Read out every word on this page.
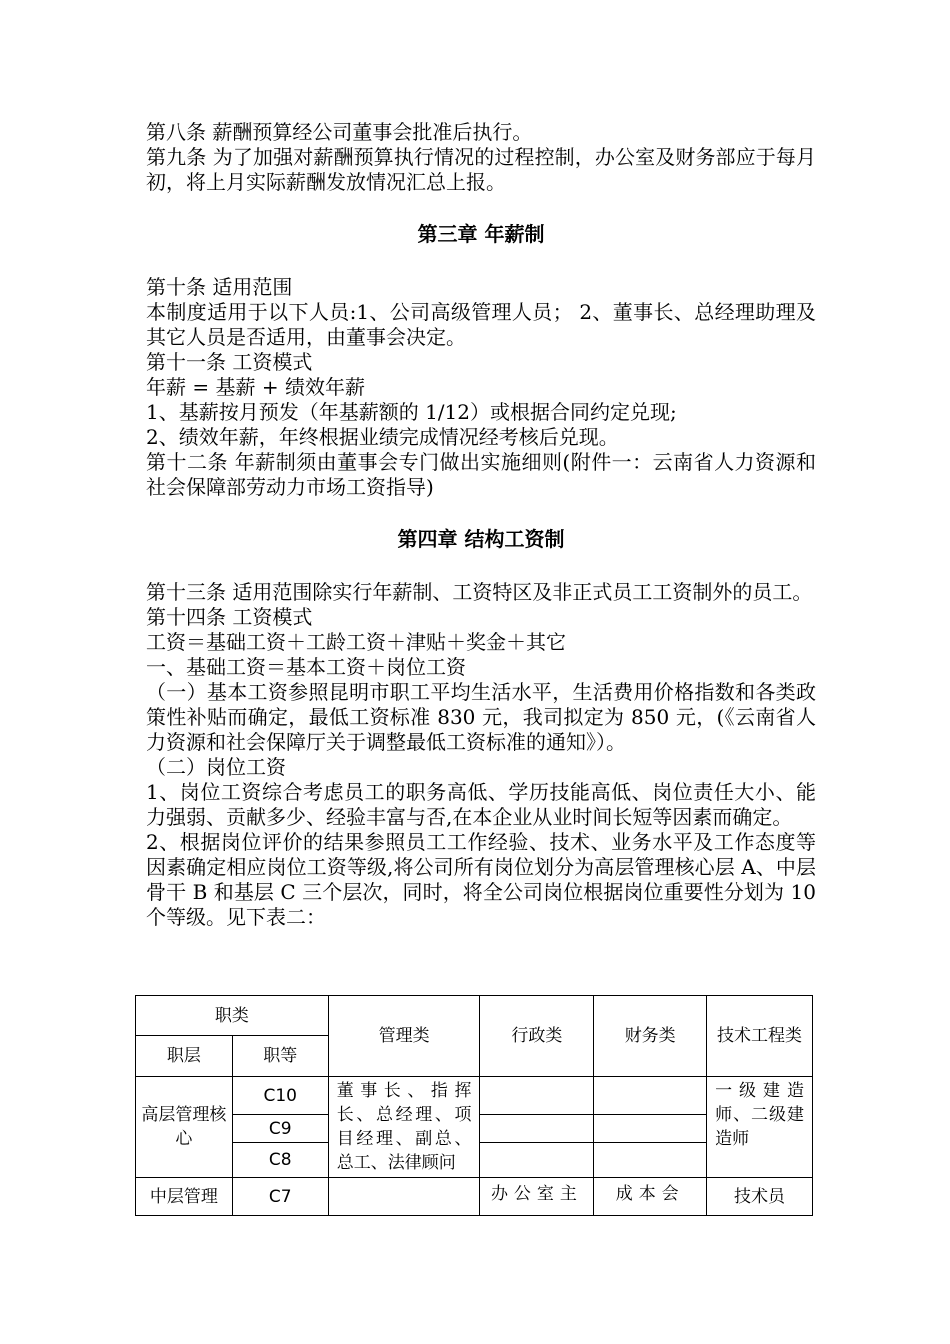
第八条 薪酬预算经公司董事会批准后执行。

第九条 为了加强对薪酬预算执行情况的过程控制，办公室及财务部应于每月初，将上月实际薪酬发放情况汇总上报。

第三章 年薪制

第十条 适用范围

本制度适用于以下人员:1、公司高级管理人员； 2、董事长、总经理助理及其它人员是否适用，由董事会决定。

第十一条 工资模式

年薪 = 基薪 + 绩效年薪

1、基薪按月预发（年基薪额的 1/12）或根据合同约定兑现;

2、绩效年薪，年终根据业绩完成情况经考核后兑现。

第十二条 年薪制须由董事会专门做出实施细则(附件一：云南省人力资源和社会保障部劳动力市场工资指导)

第四章 结构工资制

第十三条 适用范围除实行年薪制、工资特区及非正式员工工资制外的员工。

第十四条 工资模式

工资＝基础工资＋工龄工资＋津贴＋奖金＋其它

一、基础工资＝基本工资＋岗位工资

（一）基本工资参照昆明市职工平均生活水平，生活费用价格指数和各类政策性补贴而确定，最低工资标准 830 元，我司拟定为 850 元，(《云南省人力资源和社会保障厅关于调整最低工资标准的通知》）。

（二）岗位工资

1、岗位工资综合考虑员工的职务高低、学历技能高低、岗位责任大小、能力强弱、贡献多少、经验丰富与否,在本企业从业时间长短等因素而确定。

2、根据岗位评价的结果参照员工工作经验、技术、业务水平及工作态度等因素确定相应岗位工资等级,将公司所有岗位划分为高层管理核心层 A、中层骨干 B 和基层 C 三个层次，同时，将全公司岗位根据岗位重要性分划为 10 个等级。见下表二：

职类		管理类	行政类	财务类	技术工程类
职层	职等				
高层管理核心	C10	董事长、指挥长、总经理、项目经理、副总、总工、法律顾问			一级建造师、二级建造师
	C9				
	C8				
中层管理	C7		办公室主	成本会	技术员
